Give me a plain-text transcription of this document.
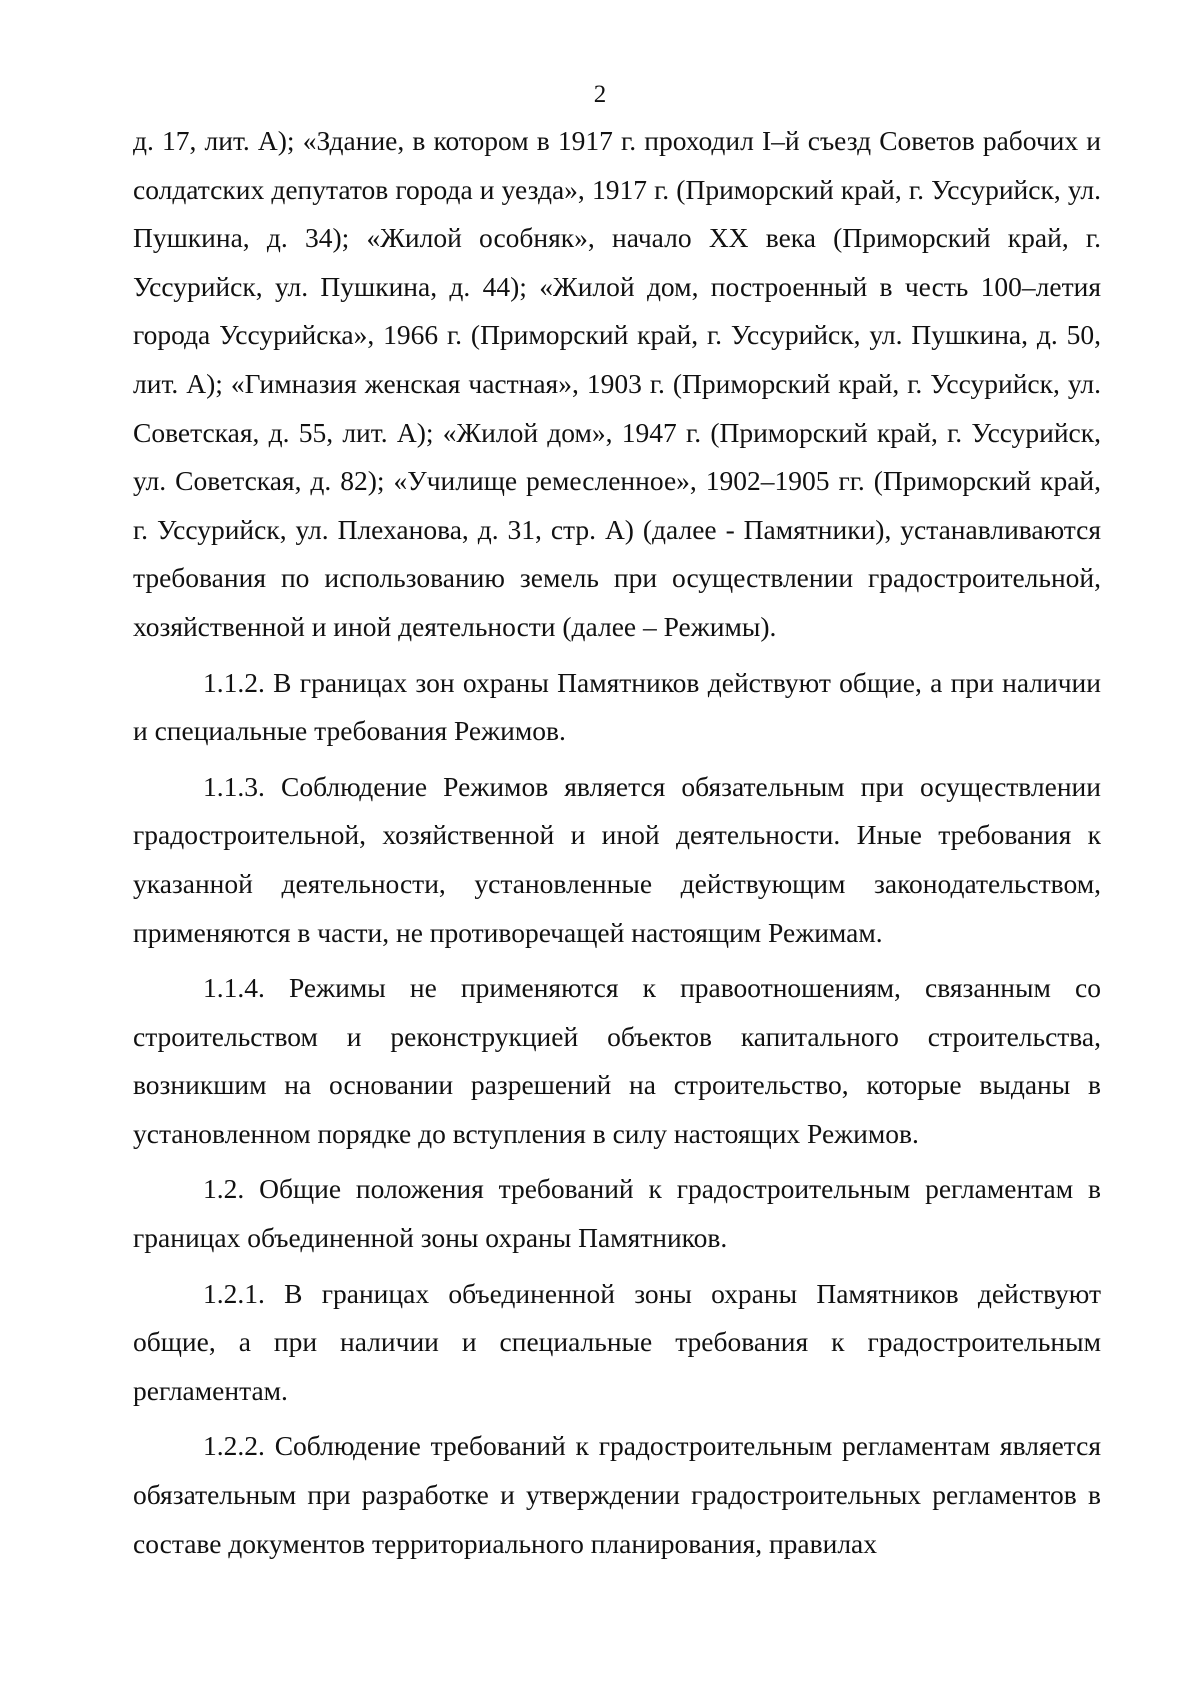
2

д. 17, лит. А); «Здание, в котором в 1917 г. проходил I–й съезд Советов рабочих и солдатских депутатов города и уезда», 1917 г. (Приморский край, г. Уссурийск, ул. Пушкина, д. 34); «Жилой особняк», начало XX века (Приморский край, г. Уссурийск, ул. Пушкина, д. 44); «Жилой дом, построенный в честь 100–летия города Уссурийска», 1966 г. (Приморский край, г. Уссурийск, ул. Пушкина, д. 50, лит. А); «Гимназия женская частная», 1903 г. (Приморский край, г. Уссурийск, ул. Советская, д. 55, лит. А); «Жилой дом», 1947 г. (Приморский край, г. Уссурийск, ул. Советская, д. 82); «Училище ремесленное», 1902–1905 гг. (Приморский край, г. Уссурийск, ул. Плеханова, д. 31, стр. А) (далее - Памятники), устанавливаются требования по использованию земель при осуществлении градостроительной, хозяйственной и иной деятельности (далее – Режимы).

1.1.2. В границах зон охраны Памятников действуют общие, а при наличии и специальные требования Режимов.

1.1.3. Соблюдение Режимов является обязательным при осуществлении градостроительной, хозяйственной и иной деятельности. Иные требования к указанной деятельности, установленные действующим законодательством, применяются в части, не противоречащей настоящим Режимам.

1.1.4. Режимы не применяются к правоотношениям, связанным со строительством и реконструкцией объектов капитального строительства, возникшим на основании разрешений на строительство, которые выданы в установленном порядке до вступления в силу настоящих Режимов.

1.2. Общие положения требований к градостроительным регламентам в границах объединенной зоны охраны Памятников.

1.2.1. В границах объединенной зоны охраны Памятников действуют общие, а при наличии и специальные требования к градостроительным регламентам.

1.2.2. Соблюдение требований к градостроительным регламентам является обязательным при разработке и утверждении градостроительных регламентов в составе документов территориального планирования, правилах
